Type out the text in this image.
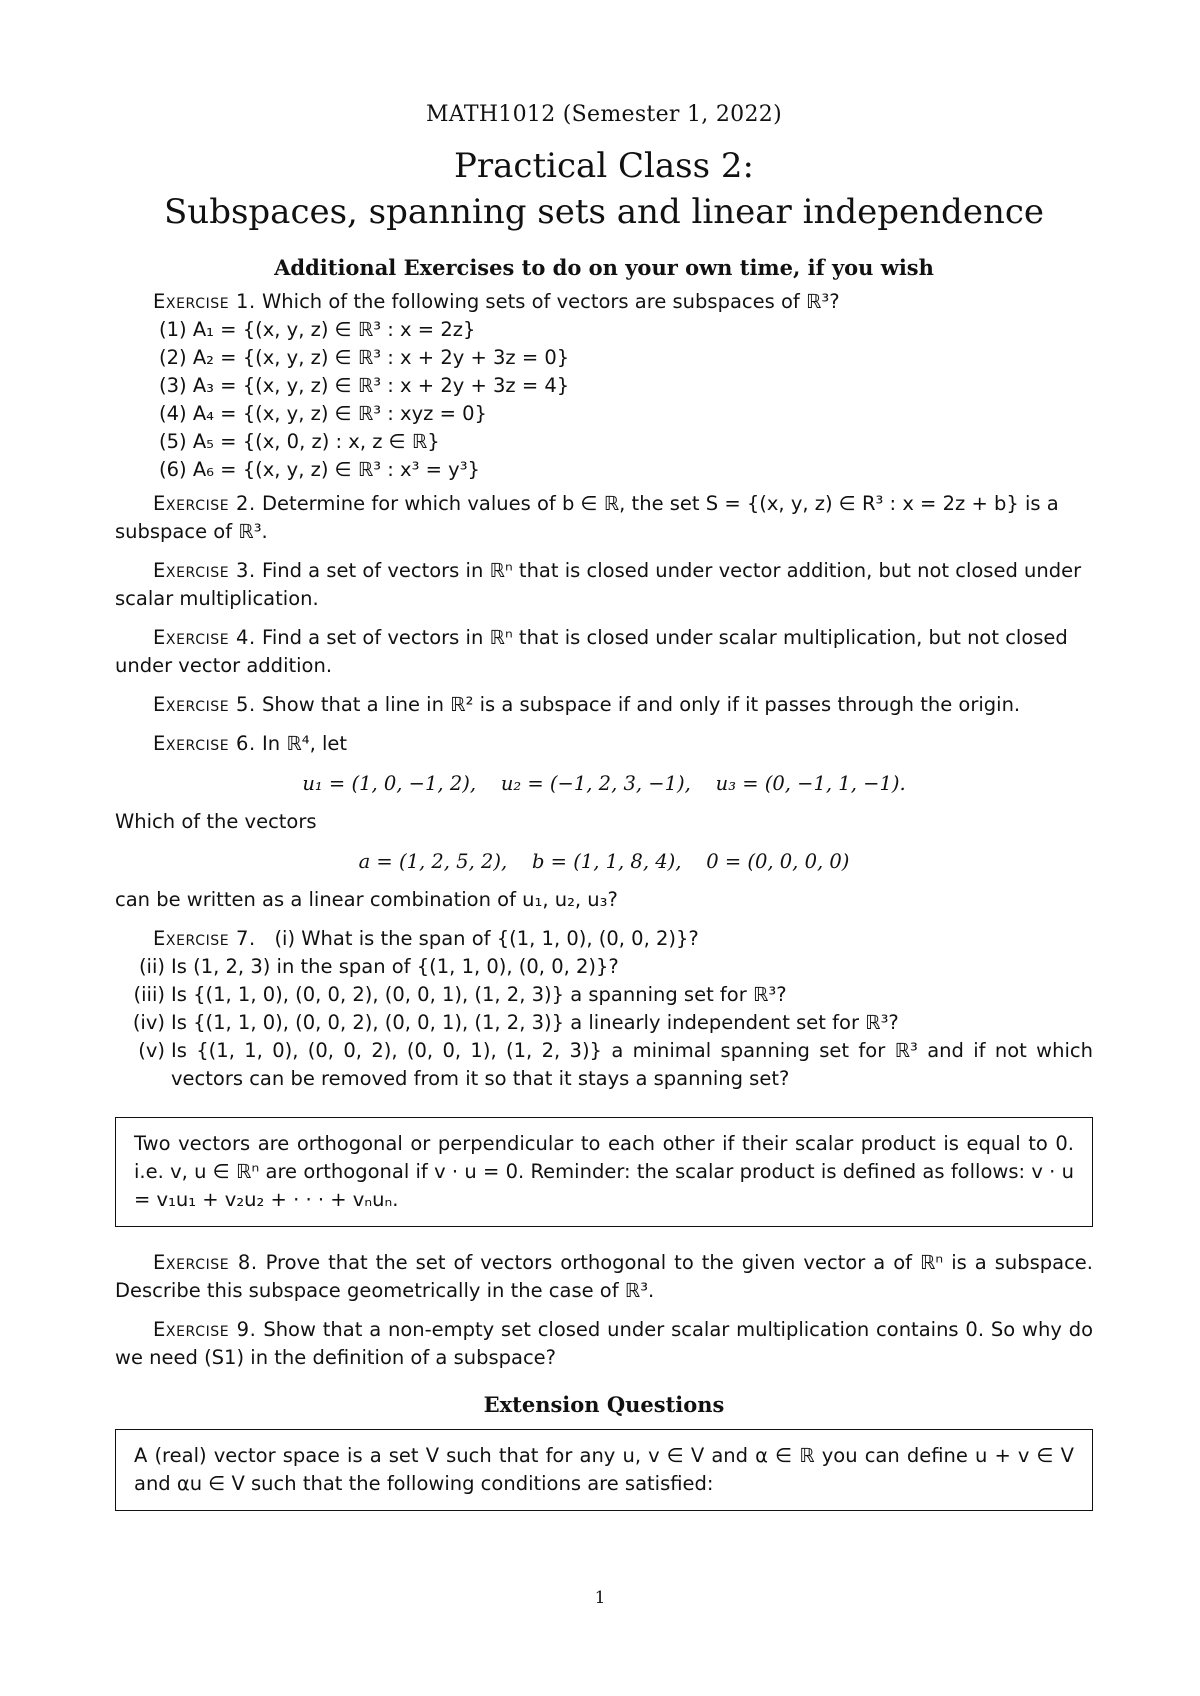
MATH1012 (Semester 1, 2022)
Practical Class 2:
Subspaces, spanning sets and linear independence
Additional Exercises to do on your own time, if you wish

Exercise 1. Which of the following sets of vectors are subspaces of ℝ³?

(1) A₁ = {(x, y, z) ∈ ℝ³ : x = 2z}
(2) A₂ = {(x, y, z) ∈ ℝ³ : x + 2y + 3z = 0}
(3) A₃ = {(x, y, z) ∈ ℝ³ : x + 2y + 3z = 4}
(4) A₄ = {(x, y, z) ∈ ℝ³ : xyz = 0}
(5) A₅ = {(x, 0, z) : x, z ∈ ℝ}
(6) A₆ = {(x, y, z) ∈ ℝ³ : x³ = y³}

Exercise 2. Determine for which values of b ∈ ℝ, the set S = {(x, y, z) ∈ R³ : x = 2z + b} is a subspace of ℝ³.

Exercise 3. Find a set of vectors in ℝⁿ that is closed under vector addition, but not closed under scalar multiplication.

Exercise 4. Find a set of vectors in ℝⁿ that is closed under scalar multiplication, but not closed under vector addition.

Exercise 5. Show that a line in ℝ² is a subspace if and only if it passes through the origin.

Exercise 6. In ℝ⁴, let

u₁ = (1, 0, −1, 2),    u₂ = (−1, 2, 3, −1),    u₃ = (0, −1, 1, −1).

Which of the vectors

a = (1, 2, 5, 2),    b = (1, 1, 8, 4),    0 = (0, 0, 0, 0)

can be written as a linear combination of u₁, u₂, u₃?

Exercise 7. (i) What is the span of {(1, 1, 0), (0, 0, 2)}?

(ii) Is (1, 2, 3) in the span of {(1, 1, 0), (0, 0, 2)}?
(iii) Is {(1, 1, 0), (0, 0, 2), (0, 0, 1), (1, 2, 3)} a spanning set for ℝ³?
(iv) Is {(1, 1, 0), (0, 0, 2), (0, 0, 1), (1, 2, 3)} a linearly independent set for ℝ³?
(v) Is {(1, 1, 0), (0, 0, 2), (0, 0, 1), (1, 2, 3)} a minimal spanning set for ℝ³ and if not which vectors can be removed from it so that it stays a spanning set?

Two vectors are orthogonal or perpendicular to each other if their scalar product is equal to 0. i.e. v, u ∈ ℝⁿ are orthogonal if v · u = 0. Reminder: the scalar product is defined as follows: v · u = v₁u₁ + v₂u₂ + · · · + vₙuₙ.

Exercise 8. Prove that the set of vectors orthogonal to the given vector a of ℝⁿ is a subspace. Describe this subspace geometrically in the case of ℝ³.

Exercise 9. Show that a non-empty set closed under scalar multiplication contains 0. So why do we need (S1) in the definition of a subspace?

Extension Questions

A (real) vector space is a set V such that for any u, v ∈ V and α ∈ ℝ you can define u + v ∈ V and αu ∈ V such that the following conditions are satisfied:

1
